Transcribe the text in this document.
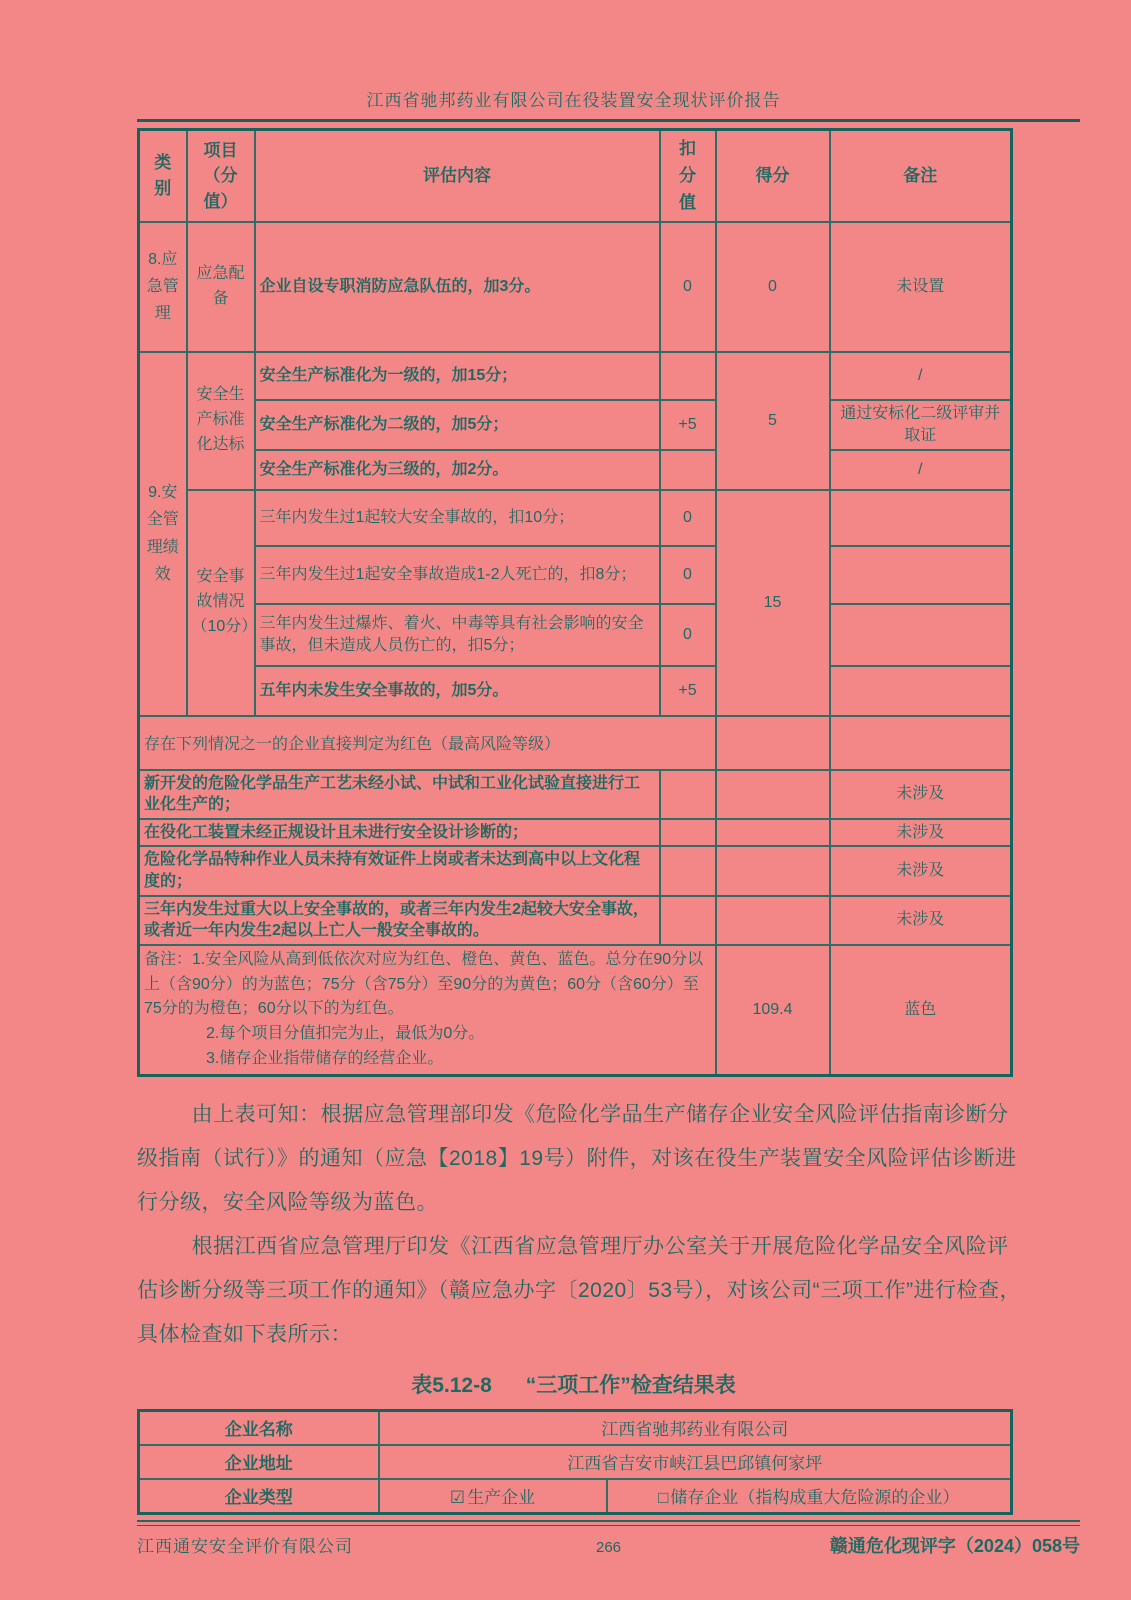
江西省驰邦药业有限公司在役装置安全现状评价报告
类别	项目（分值）	评估内容	扣分值	得分	备注
8.应急管理	应急配备	企业自设专职消防应急队伍的，加3分。	0	0	未设置
9.安全管理绩效	安全生产标准化达标	安全生产标准化为一级的，加15分；		5	/
		安全生产标准化为二级的，加5分；	+5		通过安标化二级评审并取证
		安全生产标准化为三级的，加2分。			/
	安全事故情况（10分）	三年内发生过1起较大安全事故的，扣10分；	0	15	
		三年内发生过1起安全事故造成1-2人死亡的，扣8分；	0		
		三年内发生过爆炸、着火、中毒等具有社会影响的安全事故，但未造成人员伤亡的，扣5分；	0		
		五年内未发生安全事故的，加5分。	+5		
存在下列情况之一的企业直接判定为红色（最高风险等级）					
新开发的危险化学品生产工艺未经小试、中试和工业化试验直接进行工业化生产的；					未涉及
在役化工装置未经正规设计且未进行安全设计诊断的；					未涉及
危险化学品特种作业人员未持有效证件上岗或者未达到高中以上文化程度的；					未涉及
三年内发生过重大以上安全事故的，或者三年内发生2起较大安全事故，或者近一年内发生2起以上亡人一般安全事故的。					未涉及

备注：1.安全风险从高到低依次对应为红色、橙色、黄色、蓝色。总分在90分以上（含90分）的为蓝色；75分（含75分）至90分的为黄色；60分（含60分）至75分的为橙色；60分以下的为红色。
2.每个项目分值扣完为止，最低为0分。
3.储存企业指带储存的经营企业。				109.4	蓝色

由上表可知：根据应急管理部印发《危险化学品生产储存企业安全风险评估指南诊断分级指南（试行）》的通知（应急【2018】19号）附件，对该在役生产装置安全风险评估诊断进行分级，安全风险等级为蓝色。

根据江西省应急管理厅印发《江西省应急管理厅办公室关于开展危险化学品安全风险评估诊断分级等三项工作的通知》（赣应急办字〔2020〕53号），对该公司“三项工作”进行检查，具体检查如下表所示：

表5.12-8 “三项工作”检查结果表
企业名称	江西省驰邦药业有限公司	
企业地址	江西省吉安市峡江县巴邱镇何家坪	
企业类型	☑ 生产企业	□ 储存企业（指构成重大危险源的企业）
江西通安安全评价有限公司	266	赣通危化现评字（2024）058号
